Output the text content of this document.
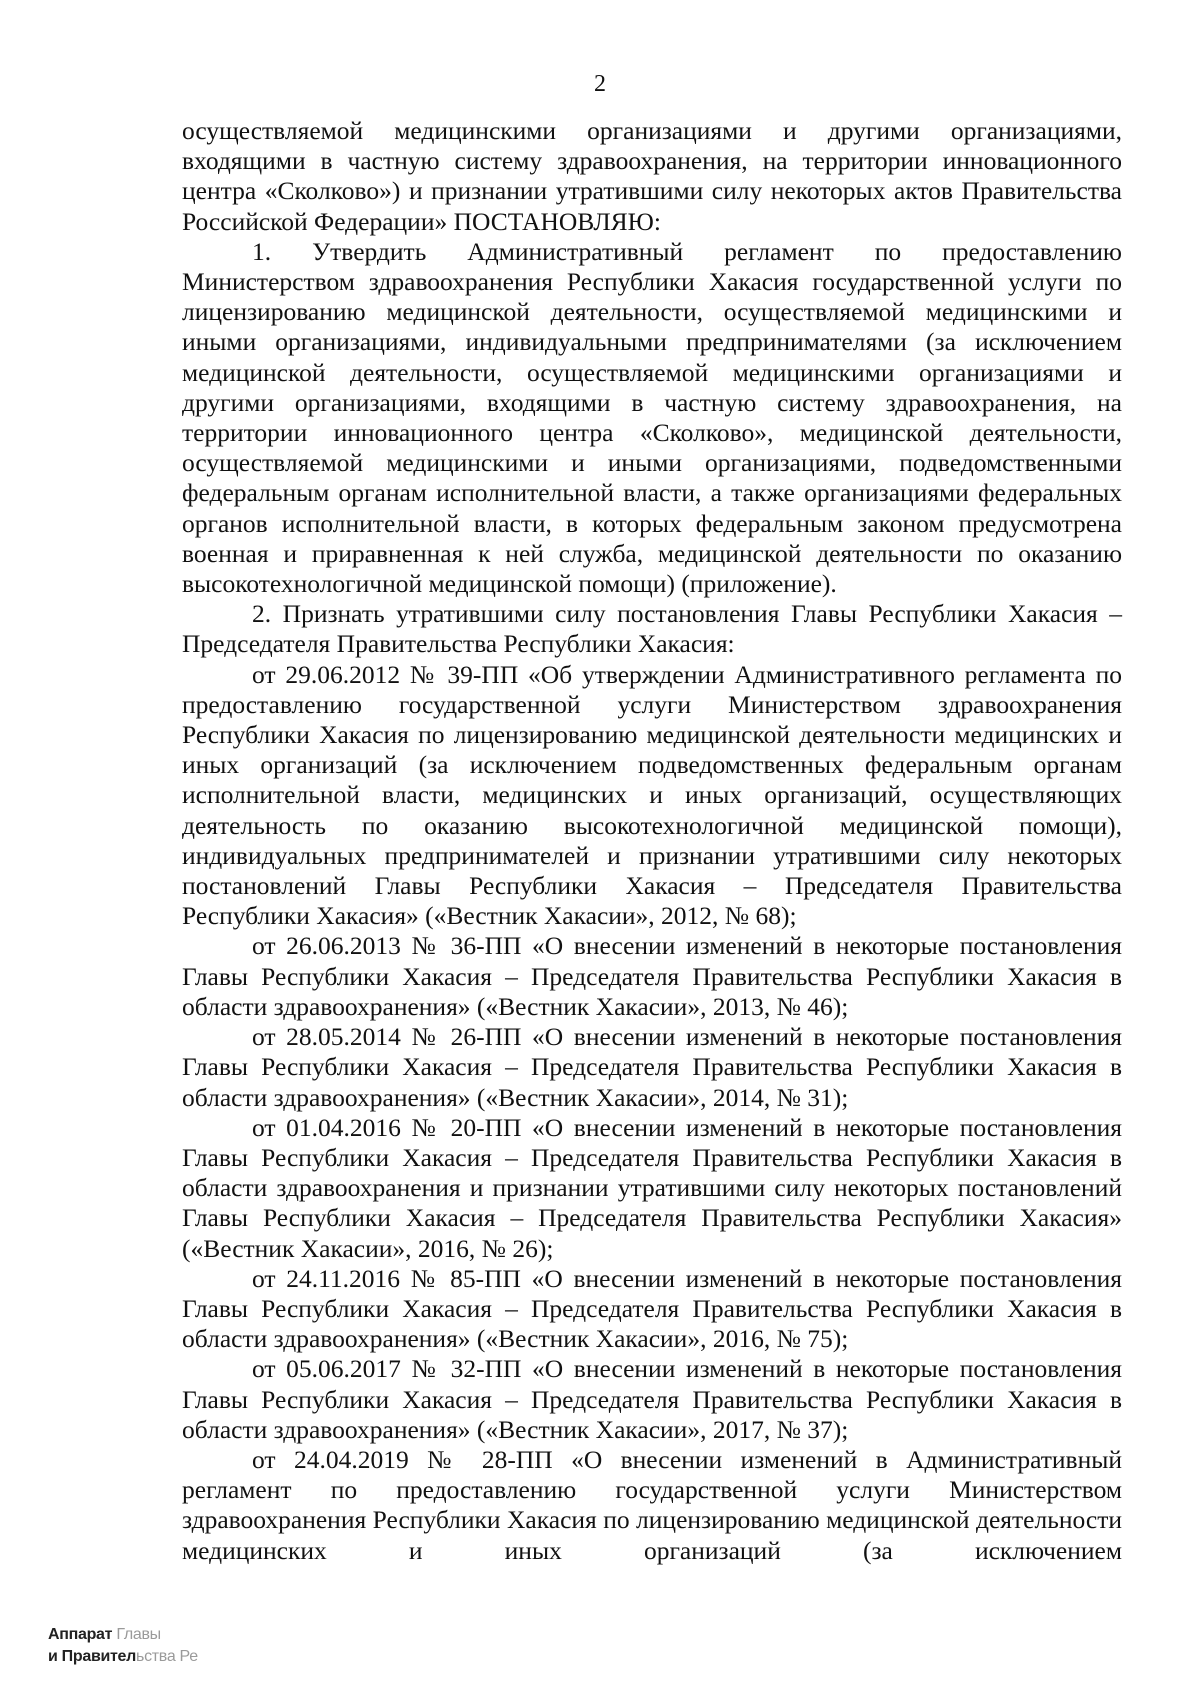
2

осуществляемой медицинскими организациями и другими организациями, входящими в частную систему здравоохранения, на территории инновационного центра «Сколково») и признании утратившими силу некоторых актов Правительства Российской Федерации» ПОСТАНОВЛЯЮ:

1. Утвердить Административный регламент по предоставлению Министерством здравоохранения Республики Хакасия государственной услуги по лицензированию медицинской деятельности, осуществляемой медицинскими и иными организациями, индивидуальными предпринимателями (за исключением медицинской деятельности, осуществляемой медицинскими организациями и другими организациями, входящими в частную систему здравоохранения, на территории инновационного центра «Сколково», медицинской деятельности, осуществляемой медицинскими и иными организациями, подведомственными федеральным органам исполнительной власти, а также организациями федеральных органов исполнительной власти, в которых федеральным законом предусмотрена военная и приравненная к ней служба, медицинской деятельности по оказанию высокотехнологичной медицинской помощи) (приложение).

2. Признать утратившими силу постановления Главы Республики Хакасия – Председателя Правительства Республики Хакасия:

от 29.06.2012 № 39-ПП «Об утверждении Административного регламента по предоставлению государственной услуги Министерством здравоохранения Республики Хакасия по лицензированию медицинской деятельности медицинских и иных организаций (за исключением подведомственных федеральным органам исполнительной власти, медицинских и иных организаций, осуществляющих деятельность по оказанию высокотехнологичной медицинской помощи), индивидуальных предпринимателей и признании утратившими силу некоторых постановлений Главы Республики Хакасия – Председателя Правительства Республики Хакасия» («Вестник Хакасии», 2012, № 68);

от 26.06.2013 № 36-ПП «О внесении изменений в некоторые постановления Главы Республики Хакасия – Председателя Правительства Республики Хакасия в области здравоохранения» («Вестник Хакасии», 2013, № 46);

от 28.05.2014 № 26-ПП «О внесении изменений в некоторые постановления Главы Республики Хакасия – Председателя Правительства Республики Хакасия в области здравоохранения» («Вестник Хакасии», 2014, № 31);

от 01.04.2016 № 20-ПП «О внесении изменений в некоторые постановления Главы Республики Хакасия – Председателя Правительства Республики Хакасия в области здравоохранения и признании утратившими силу некоторых постановлений Главы Республики Хакасия – Председателя Правительства Республики Хакасия» («Вестник Хакасии», 2016, № 26);

от 24.11.2016 № 85-ПП «О внесении изменений в некоторые постановления Главы Республики Хакасия – Председателя Правительства Республики Хакасия в области здравоохранения» («Вестник Хакасии», 2016, № 75);

от 05.06.2017 № 32-ПП «О внесении изменений в некоторые постановления Главы Республики Хакасия – Председателя Правительства Республики Хакасия в области здравоохранения» («Вестник Хакасии», 2017, № 37);

от 24.04.2019 № 28-ПП «О внесении изменений в Административный регламент по предоставлению государственной услуги Министерством здравоохранения Республики Хакасия по лицензированию медицинской деятельности медицинских и иных организаций (за исключением

Аппарат Главы
и Правительства Ре
